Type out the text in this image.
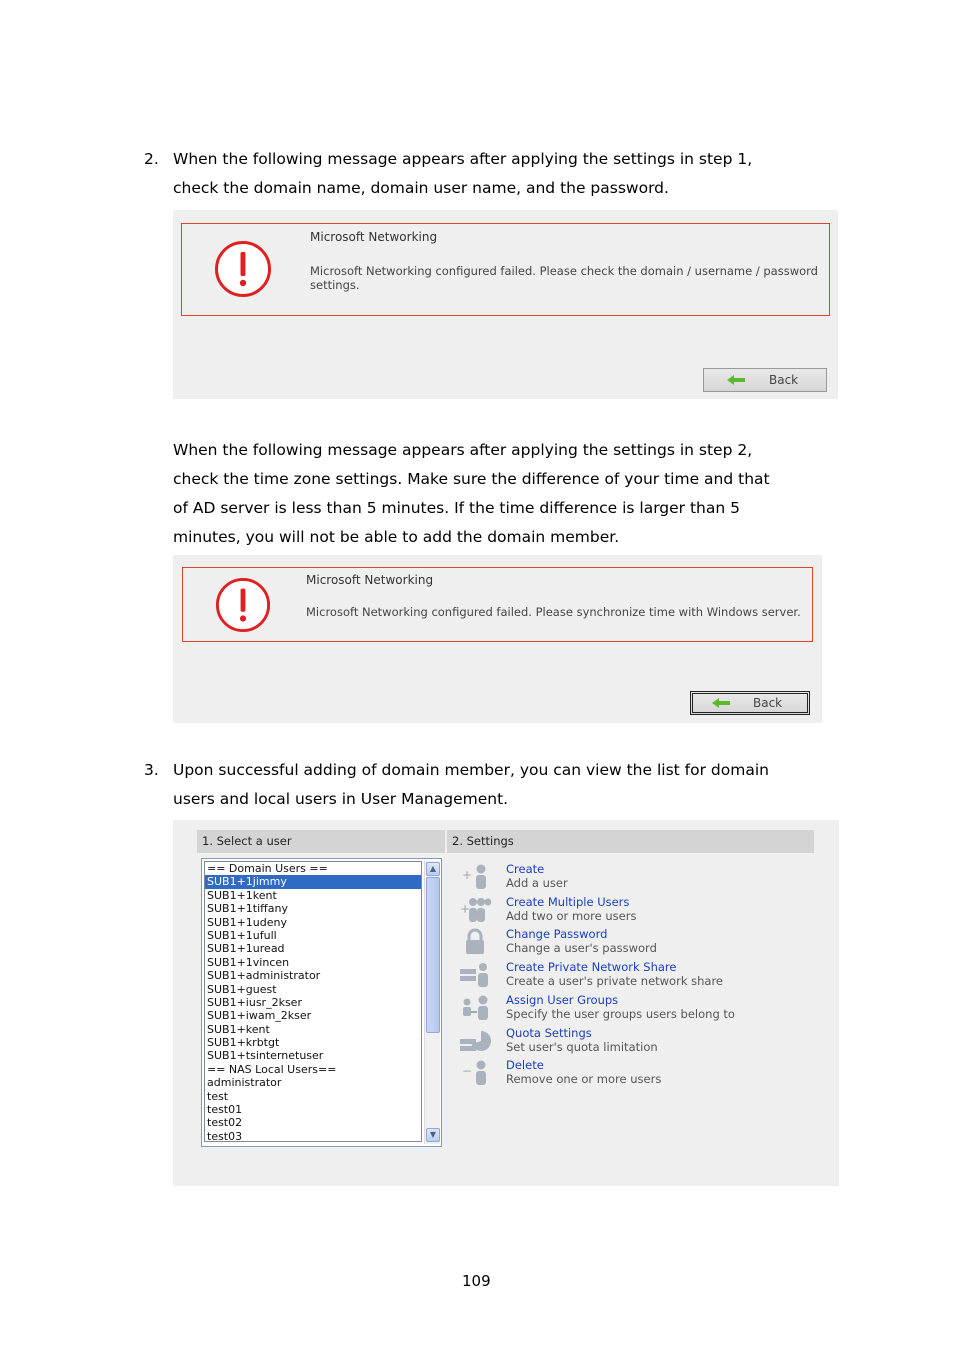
2. When the following message appears after applying the settings in step 1,
check the domain name, domain user name, and the password.
Microsoft Networking
Microsoft Networking configured failed. Please check the domain / username / password
settings.
Back
When the following message appears after applying the settings in step 2,
check the time zone settings. Make sure the difference of your time and that
of AD server is less than 5 minutes. If the time difference is larger than 5
minutes, you will not be able to add the domain member.
Microsoft Networking
Microsoft Networking configured failed. Please synchronize time with Windows server.
Back
3. Upon successful adding of domain member, you can view the list for domain
users and local users in User Management.
1. Select a user	2. Settings
== Domain Users ==
SUB1+1jimmy
SUB1+1kent
SUB1+1tiffany
SUB1+1udeny
SUB1+1ufull
SUB1+1uread
SUB1+1vincen
SUB1+administrator
SUB1+guest
SUB1+iusr_2kser
SUB1+iwam_2kser
SUB1+kent
SUB1+krbtgt
SUB1+tsinternetuser
== NAS Local Users==
administrator
test
test01
test02
test03
▲
▼
+	Create
Add a user
+	Create Multiple Users
Add two or more users
Change Password
Change a user's password
Create Private Network Share
Create a user's private network share
Assign User Groups
Specify the user groups users belong to
Quota Settings
Set user's quota limitation
−	Delete
Remove one or more users
109
